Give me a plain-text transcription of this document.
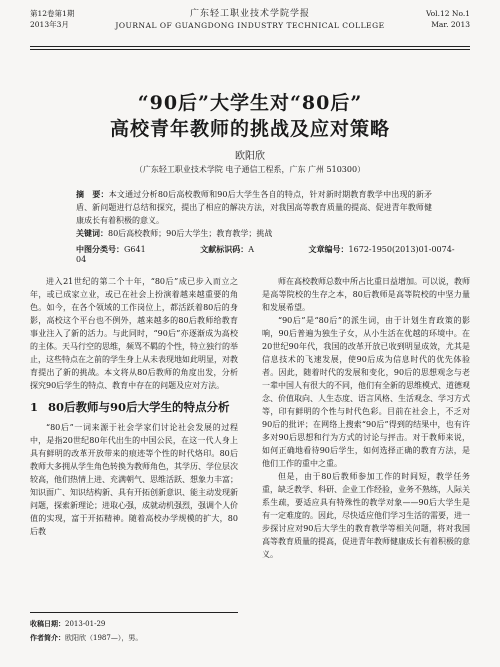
第12卷第1期
2013年3月
广东轻工职业技术学院学报
JOURNAL OF GUANGDONG INDUSTRY TECHNICAL COLLEGE
Vol.12 No.1
Mar. 2013
“90后”大学生对“80后”
高校青年教师的挑战及应对策略
欧阳欣
（广东轻工职业技术学院 电子通信工程系，广东 广州 510300）
摘　要：本文通过分析80后高校教师和90后大学生各自的特点，针对新时期教育教学中出现的新矛盾、新问题进行总结和探究，提出了相应的解决方法，对我国高等教育质量的提高、促进青年教师健康成长有着积极的意义。
关键词：80后高校教师；90后大学生；教育教学；挑战
中图分类号：G641	文献标识码：A	文章编号：1672-1950(2013)01-0074-04

进入21世纪的第二个十年，“80后”成已步入而立之年，或已成家立业，或已在社会上扮演着越来越重要的角色。如今，在各个领域的工作岗位上，都活跃着80后的身影，高校这个平台也不例外，越来越多的80后教师给教育事业注入了新的活力。与此同时，“90后”亦逐渐成为高校的主体。天马行空的思维，频骂不羁的个性，特立独行的举止，这些特点在之前的学生身上从未表现地如此明显，对教育提出了新的挑战。本文将从80后教师的角度出发，分析探究90后学生的特点、教育中存在的问题及应对方法。

1 80后教师与90后大学生的特点分析

“80后”一词来源于社会学家们讨论社会发展的过程中，是指20世纪80年代出生的中国公民，在这一代人身上具有鲜明的改革开放带来的痕迹等个性的时代烙印。80后教师大多拥从学生角色转换为教师角色，其学历、学位层次较高，他们热情上进、充满朝气、思维活跃、想象力丰富；知识面广、知识结构新、具有开拓创新意识、能主动发现新问题，探索新理论；进取心强，成就动机强烈，强调个人价值的实现，富于开拓精神。随着高校办学规模的扩大，80后教

师在高校教师总数中所占比重日益增加。可以说，教师是高等院校的生存之本，80后教师是高等院校的中坚力量和发展希望。

“90后”是“80后”的派生词，由于计划生育政策的影响，90后普遍为独生子女，从小生活在优越的环境中。在20世纪90年代，我国的改革开放已收到明显成效，尤其是信息技术的飞速发展，使90后成为信息时代的优先体验者。因此，随着时代的发展和变化，90后的思想观念与老一辈中国人有很大的不同，他们有全新的思维模式、道德观念、价值取向、人生态度、语言风格、生活观念、学习方式等，印有鲜明的个性与时代色彩。目前在社会上，不乏对90后的批评；在网络上搜索“90后”得到的结果中，也有许多对90后思想和行为方式的讨论与抨击。对于教师来说，如何正确地看待90后学生，如何选择正确的教育方法，是他们工作的重中之重。

但是，由于80后教师参加工作的时间短，教学任务重，缺乏教学、科研、企业工作经验，业务不熟练，人际关系生疏，要适应具有特殊性的教学对象——90后大学生是有一定难度的。因此，尽快适应他们学习生活的需要，进一步探讨应对90后大学生的教育教学等相关问题，将对我国高等教育质量的提高，促进青年教师健康成长有着积极的意义。

收稿日期：2013-01-29
作者简介：欧阳欣（1987—），男。
